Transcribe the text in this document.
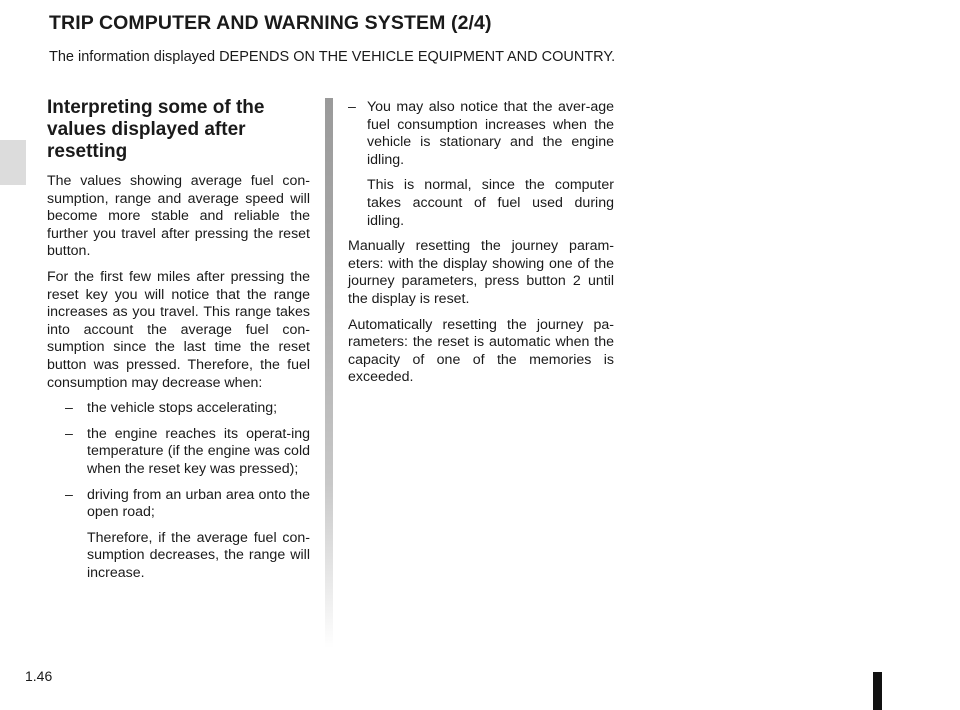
TRIP COMPUTER AND WARNING SYSTEM (2/4)

The information displayed DEPENDS ON THE VEHICLE EQUIPMENT AND COUNTRY.

Interpreting some of the values displayed after resetting

The values showing average fuel con-sumption, range and average speed will become more stable and reliable the further you travel after pressing the reset button.

For the first few miles after pressing the reset key you will notice that the range increases as you travel. This range takes into account the average fuel con-sumption since the last time the reset button was pressed. Therefore, the fuel consumption may decrease when:

– the vehicle stops accelerating;

– the engine reaches its operat-ing temperature (if the engine was cold when the reset key was pressed);

– driving from an urban area onto the open road;

Therefore, if the average fuel con-sumption decreases, the range will increase.

– You may also notice that the aver-age fuel consumption increases when the vehicle is stationary and the engine idling.

This is normal, since the computer takes account of fuel used during idling.

Manually resetting the journey param-eters: with the display showing one of the journey parameters, press button 2 until the display is reset.

Automatically resetting the journey pa-rameters: the reset is automatic when the capacity of one of the memories is exceeded.

1.46
